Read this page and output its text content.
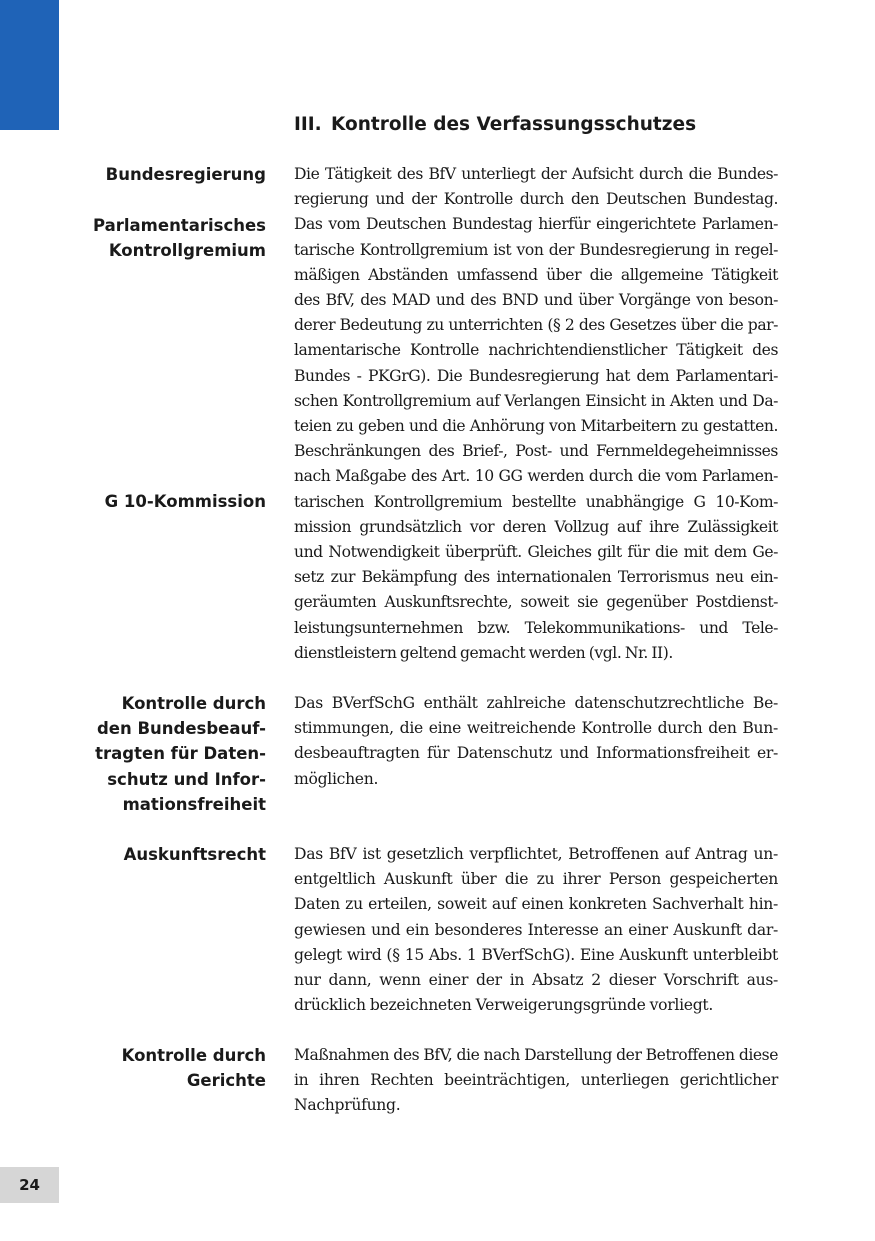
III. Kontrolle des Verfassungsschutzes
Bundesregierung
Parlamentarisches
Kontrollgremium
G 10-Kommission
Kontrolle durch
den Bundesbeauf-
tragten für Daten-
schutz und Infor-
mationsfreiheit
Auskunftsrecht
Kontrolle durch
Gerichte
Die Tätigkeit des BfV unterliegt der Aufsicht durch die Bundes-
regierung und der Kontrolle durch den Deutschen Bundestag.
Das vom Deutschen Bundestag hierfür eingerichtete Parlamen-
tarische Kontrollgremium ist von der Bundesregierung in regel-
mäßigen Abständen umfassend über die allgemeine Tätigkeit
des BfV, des MAD und des BND und über Vorgänge von beson-
derer Bedeutung zu unterrichten (§ 2 des Gesetzes über die par-
lamentarische Kontrolle nachrichtendienstlicher Tätigkeit des
Bundes - PKGrG). Die Bundesregierung hat dem Parlamentari-
schen Kontrollgremium auf Verlangen Einsicht in Akten und Da-
teien zu geben und die Anhörung von Mitarbeitern zu gestatten.
Beschränkungen des Brief-, Post- und Fernmeldegeheimnisses
nach Maßgabe des Art. 10 GG werden durch die vom Parlamen-
tarischen Kontrollgremium bestellte unabhängige G 10-Kom-
mission grundsätzlich vor deren Vollzug auf ihre Zulässigkeit
und Notwendigkeit überprüft. Gleiches gilt für die mit dem Ge-
setz zur Bekämpfung des internationalen Terrorismus neu ein-
geräumten Auskunftsrechte, soweit sie gegenüber Postdienst-
leistungsunternehmen bzw. Telekommunikations- und Tele-
dienstleistern geltend gemacht werden (vgl. Nr. II).
Das BVerfSchG enthält zahlreiche datenschutzrechtliche Be-
stimmungen, die eine weitreichende Kontrolle durch den Bun-
desbeauftragten für Datenschutz und Informationsfreiheit er-
möglichen.
Das BfV ist gesetzlich verpflichtet, Betroffenen auf Antrag un-
entgeltlich Auskunft über die zu ihrer Person gespeicherten
Daten zu erteilen, soweit auf einen konkreten Sachverhalt hin-
gewiesen und ein besonderes Interesse an einer Auskunft dar-
gelegt wird (§ 15 Abs. 1 BVerfSchG). Eine Auskunft unterbleibt
nur dann, wenn einer der in Absatz 2 dieser Vorschrift aus-
drücklich bezeichneten Verweigerungsgründe vorliegt.
Maßnahmen des BfV, die nach Darstellung der Betroffenen diese
in ihren Rechten beeinträchtigen, unterliegen gerichtlicher
Nachprüfung.
24
